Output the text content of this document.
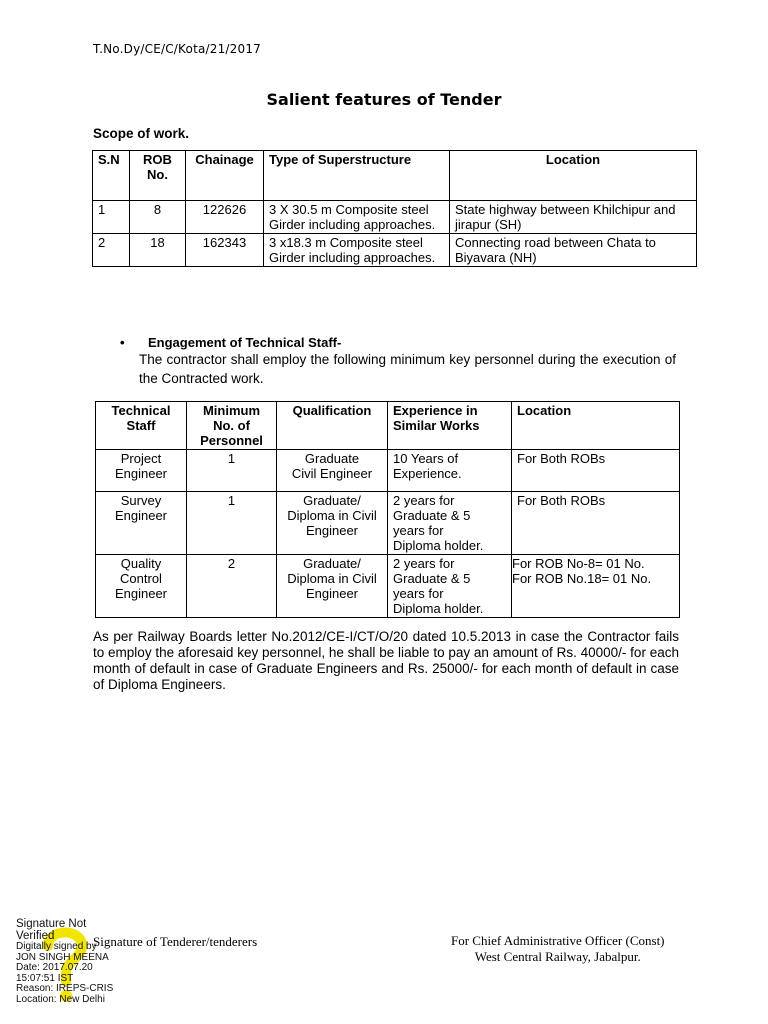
T.No.Dy/CE/C/Kota/21/2017
Salient features of Tender
Scope of work.
S.N	ROB No.	Chainage	Type of Superstructure	Location
1	8	122626	3 X 30.5 m Composite steel Girder including approaches.	State highway between Khilchipur and jirapur (SH)
2	18	162343	3 x18.3 m Composite steel Girder including approaches.	Connecting road between Chata to Biyavara (NH)
• Engagement of Technical Staff-
The contractor shall employ the following minimum key personnel during the execution of the Contracted work.
Technical Staff	Minimum No. of Personnel	Qualification	Experience in Similar Works	Location
Project Engineer	1	Graduate Civil Engineer	10 Years of Experience.	For Both ROBs

Survey Engineer	1	Graduate/ Diploma in Civil Engineer	2 years for Graduate & 5 years for Diploma holder.	For Both ROBs

Quality Control Engineer	2	Graduate/ Diploma in Civil Engineer	2 years for Graduate & 5 years for Diploma holder.	For ROB No-8= 01 No.
For ROB No.18= 01 No.
As per Railway Boards letter No.2012/CE-I/CT/O/20 dated 10.5.2013 in case the Contractor fails to employ the aforesaid key personnel, he shall be liable to pay an amount of Rs. 40000/- for each month of default in case of Graduate Engineers and Rs. 25000/- for each month of default in case of Diploma Engineers.
Signature Not Verified
Digitally signed by
JON SINGH MEENA
Date: 2017.07.20
15:07:51 IST
Reason: IREPS-CRIS
Location: New Delhi
Signature of Tenderer/tenderers	For Chief Administrative Officer (Const)
West Central Railway, Jabalpur.
